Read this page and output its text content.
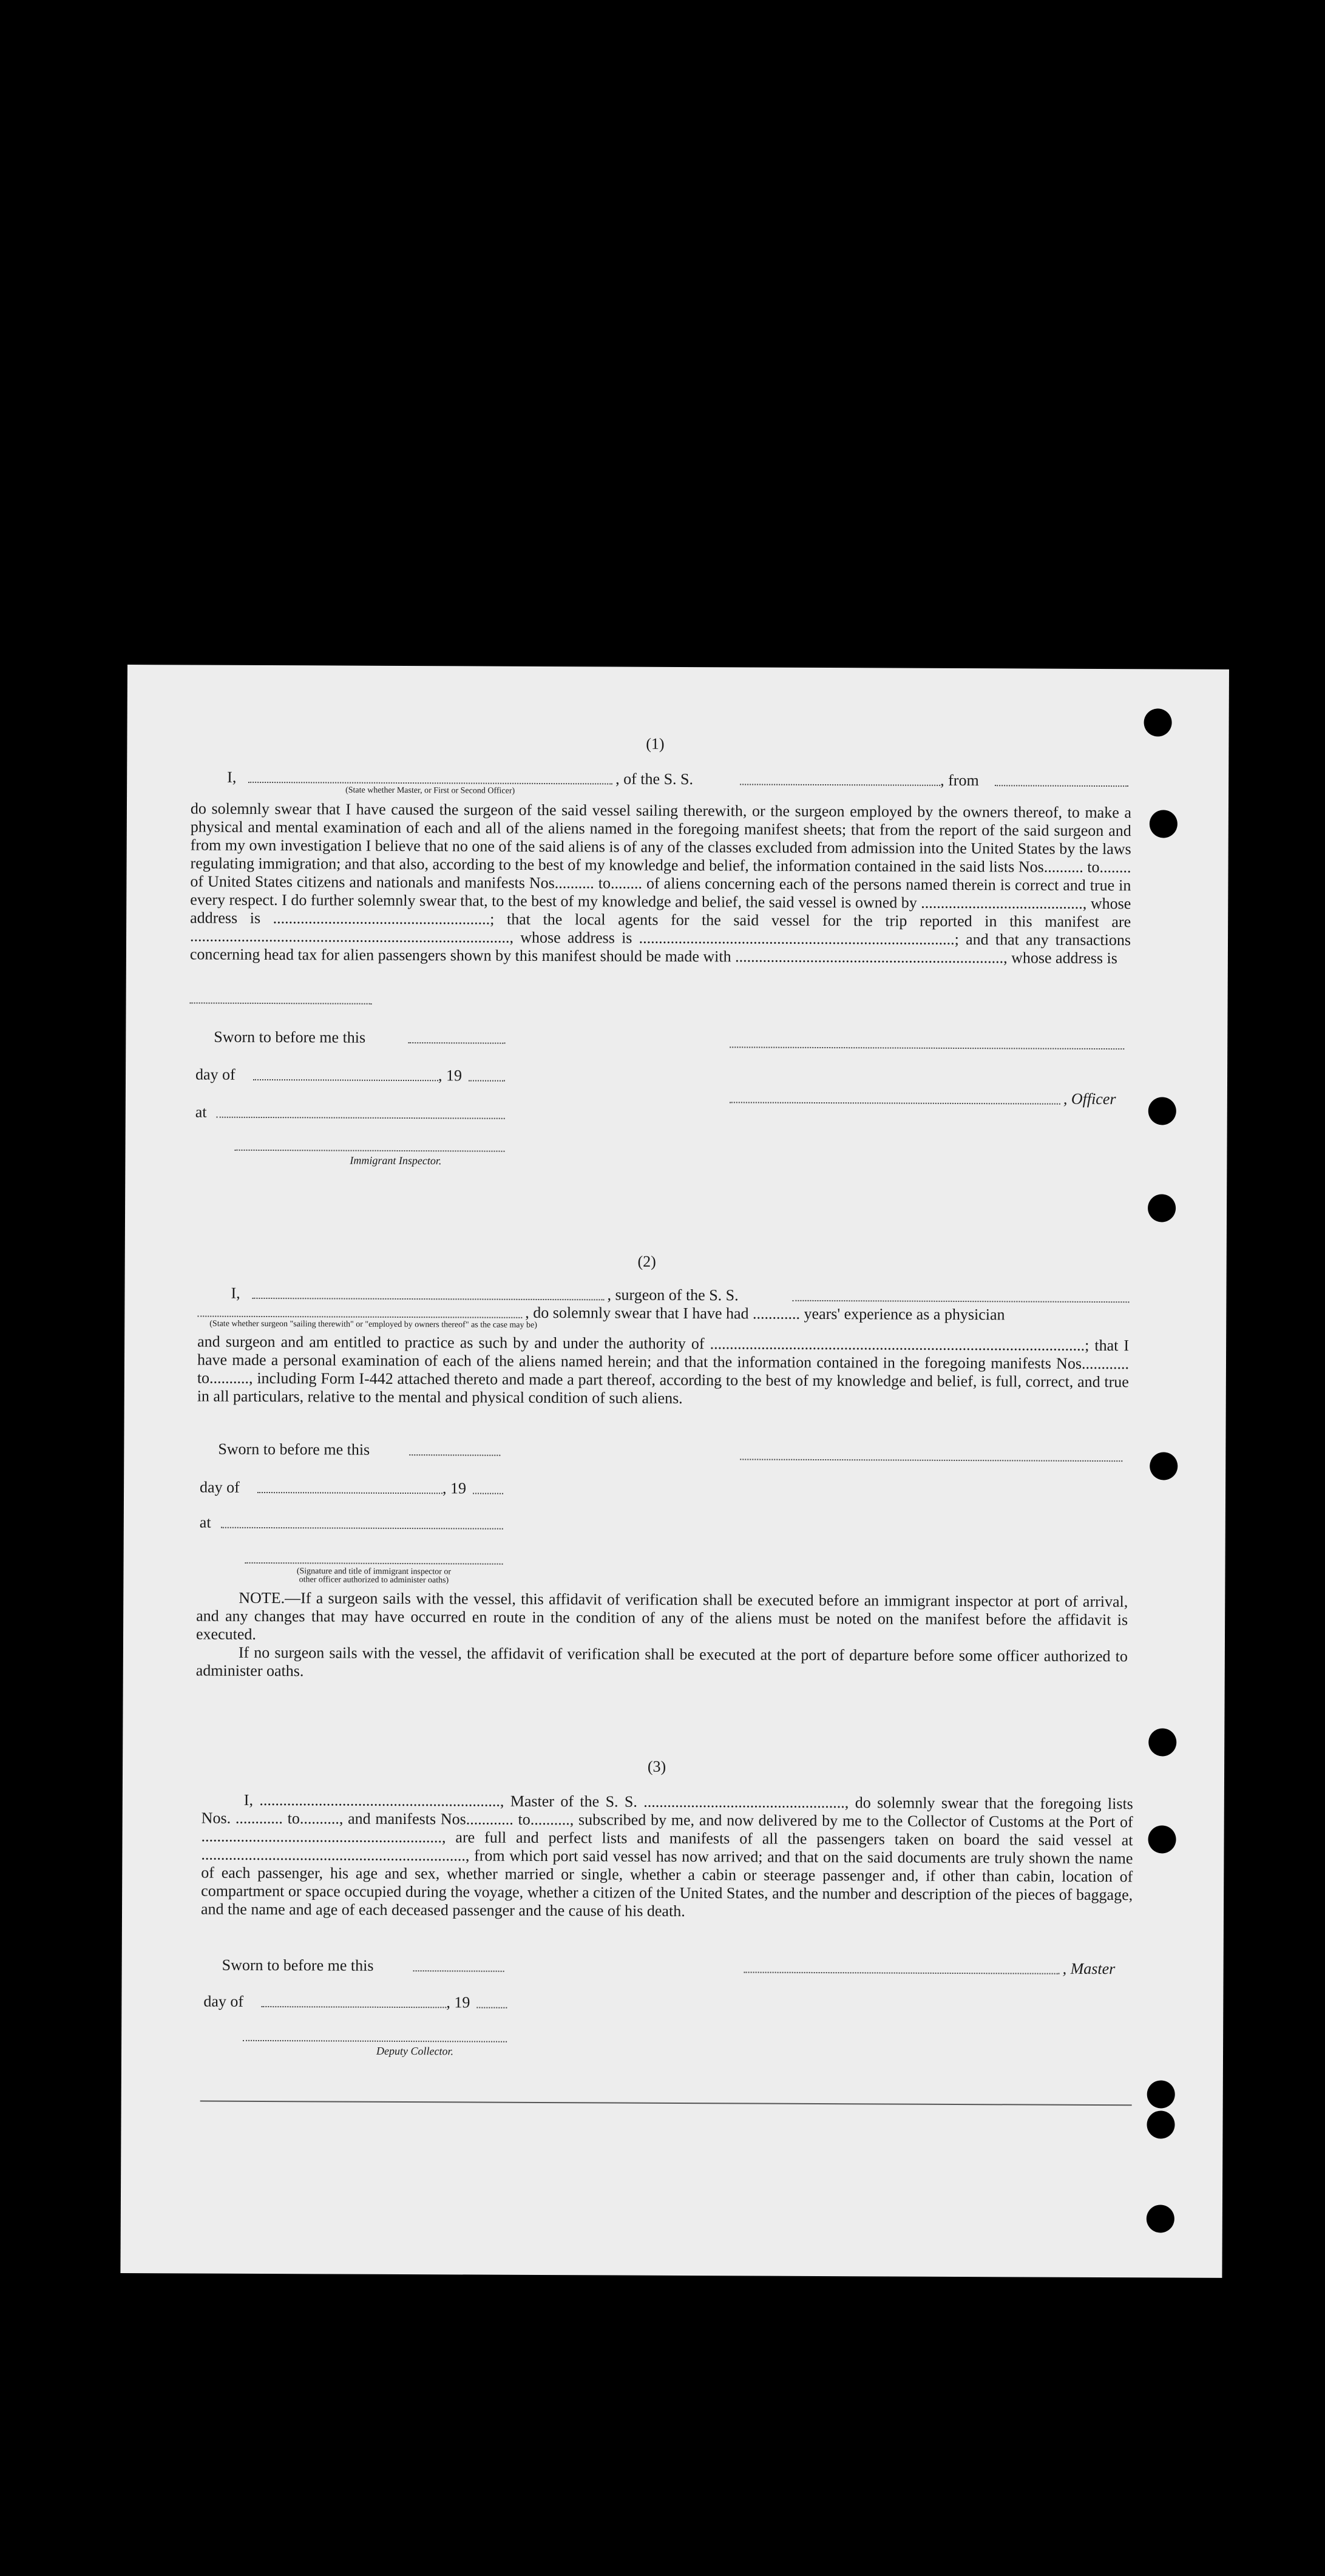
(1)
I,	, of the S. S.	, from
(State whether Master, or First or Second Officer)
do solemnly swear that I have caused the surgeon of the said vessel sailing therewith, or the surgeon employed by the owners thereof, to make a physical and mental examination of each and all of the aliens named in the foregoing manifest sheets; that from the report of the said surgeon and from my own investigation I believe that no one of the said aliens is of any of the classes excluded from admission into the United States by the laws regulating immigration; and that also, according to the best of my knowledge and belief, the information contained in the said lists Nos.......... to........ of United States citizens and nationals and manifests Nos.......... to........ of aliens concerning each of the persons named therein is correct and true in every respect. I do further solemnly swear that, to the best of my knowledge and belief, the said vessel is owned by ........................................., whose address is .......................................................; that the local agents for the said vessel for the trip reported in this manifest are ................................................................................., whose address is ................................................................................; and that any transactions concerning head tax for alien passengers shown by this manifest should be made with ...................................................................., whose address is
Sworn to before me this
day of	, 19
at
, Officer
Immigrant Inspector.
(2)
I,	, surgeon of the S. S.
, do solemnly swear that I have had ............ years' experience as a physician
(State whether surgeon "sailing therewith" or "employed by owners thereof" as the case may be)
and surgeon and am entitled to practice as such by and under the authority of ...............................................................................................; that I have made a personal examination of each of the aliens named herein; and that the information contained in the foregoing manifests Nos............ to.........., including Form I-442 attached thereto and made a part thereof, according to the best of my knowledge and belief, is full, correct, and true in all particulars, relative to the mental and physical condition of such aliens.
Sworn to before me this
day of	, 19
at
(Signature and title of immigrant inspector or
other officer authorized to administer oaths)
NOTE.—If a surgeon sails with the vessel, this affidavit of verification shall be executed before an immigrant inspector at port of arrival, and any changes that may have occurred en route in the condition of any of the aliens must be noted on the manifest before the affidavit is executed.
If no surgeon sails with the vessel, the affidavit of verification shall be executed at the port of departure before some officer authorized to administer oaths.
(3)
I, ............................................................., Master of the S. S. ..................................................., do solemnly swear that the foregoing lists Nos. ............ to.........., and manifests Nos............ to.........., subscribed by me, and now delivered by me to the Collector of Customs at the Port of ............................................................., are full and perfect lists and manifests of all the passengers taken on board the said vessel at ..................................................................., from which port said vessel has now arrived; and that on the said documents are truly shown the name of each passenger, his age and sex, whether married or single, whether a cabin or steerage passenger and, if other than cabin, location of compartment or space occupied during the voyage, whether a citizen of the United States, and the number and description of the pieces of baggage, and the name and age of each deceased passenger and the cause of his death.
Sworn to before me this	, Master
day of	, 19
Deputy Collector.
